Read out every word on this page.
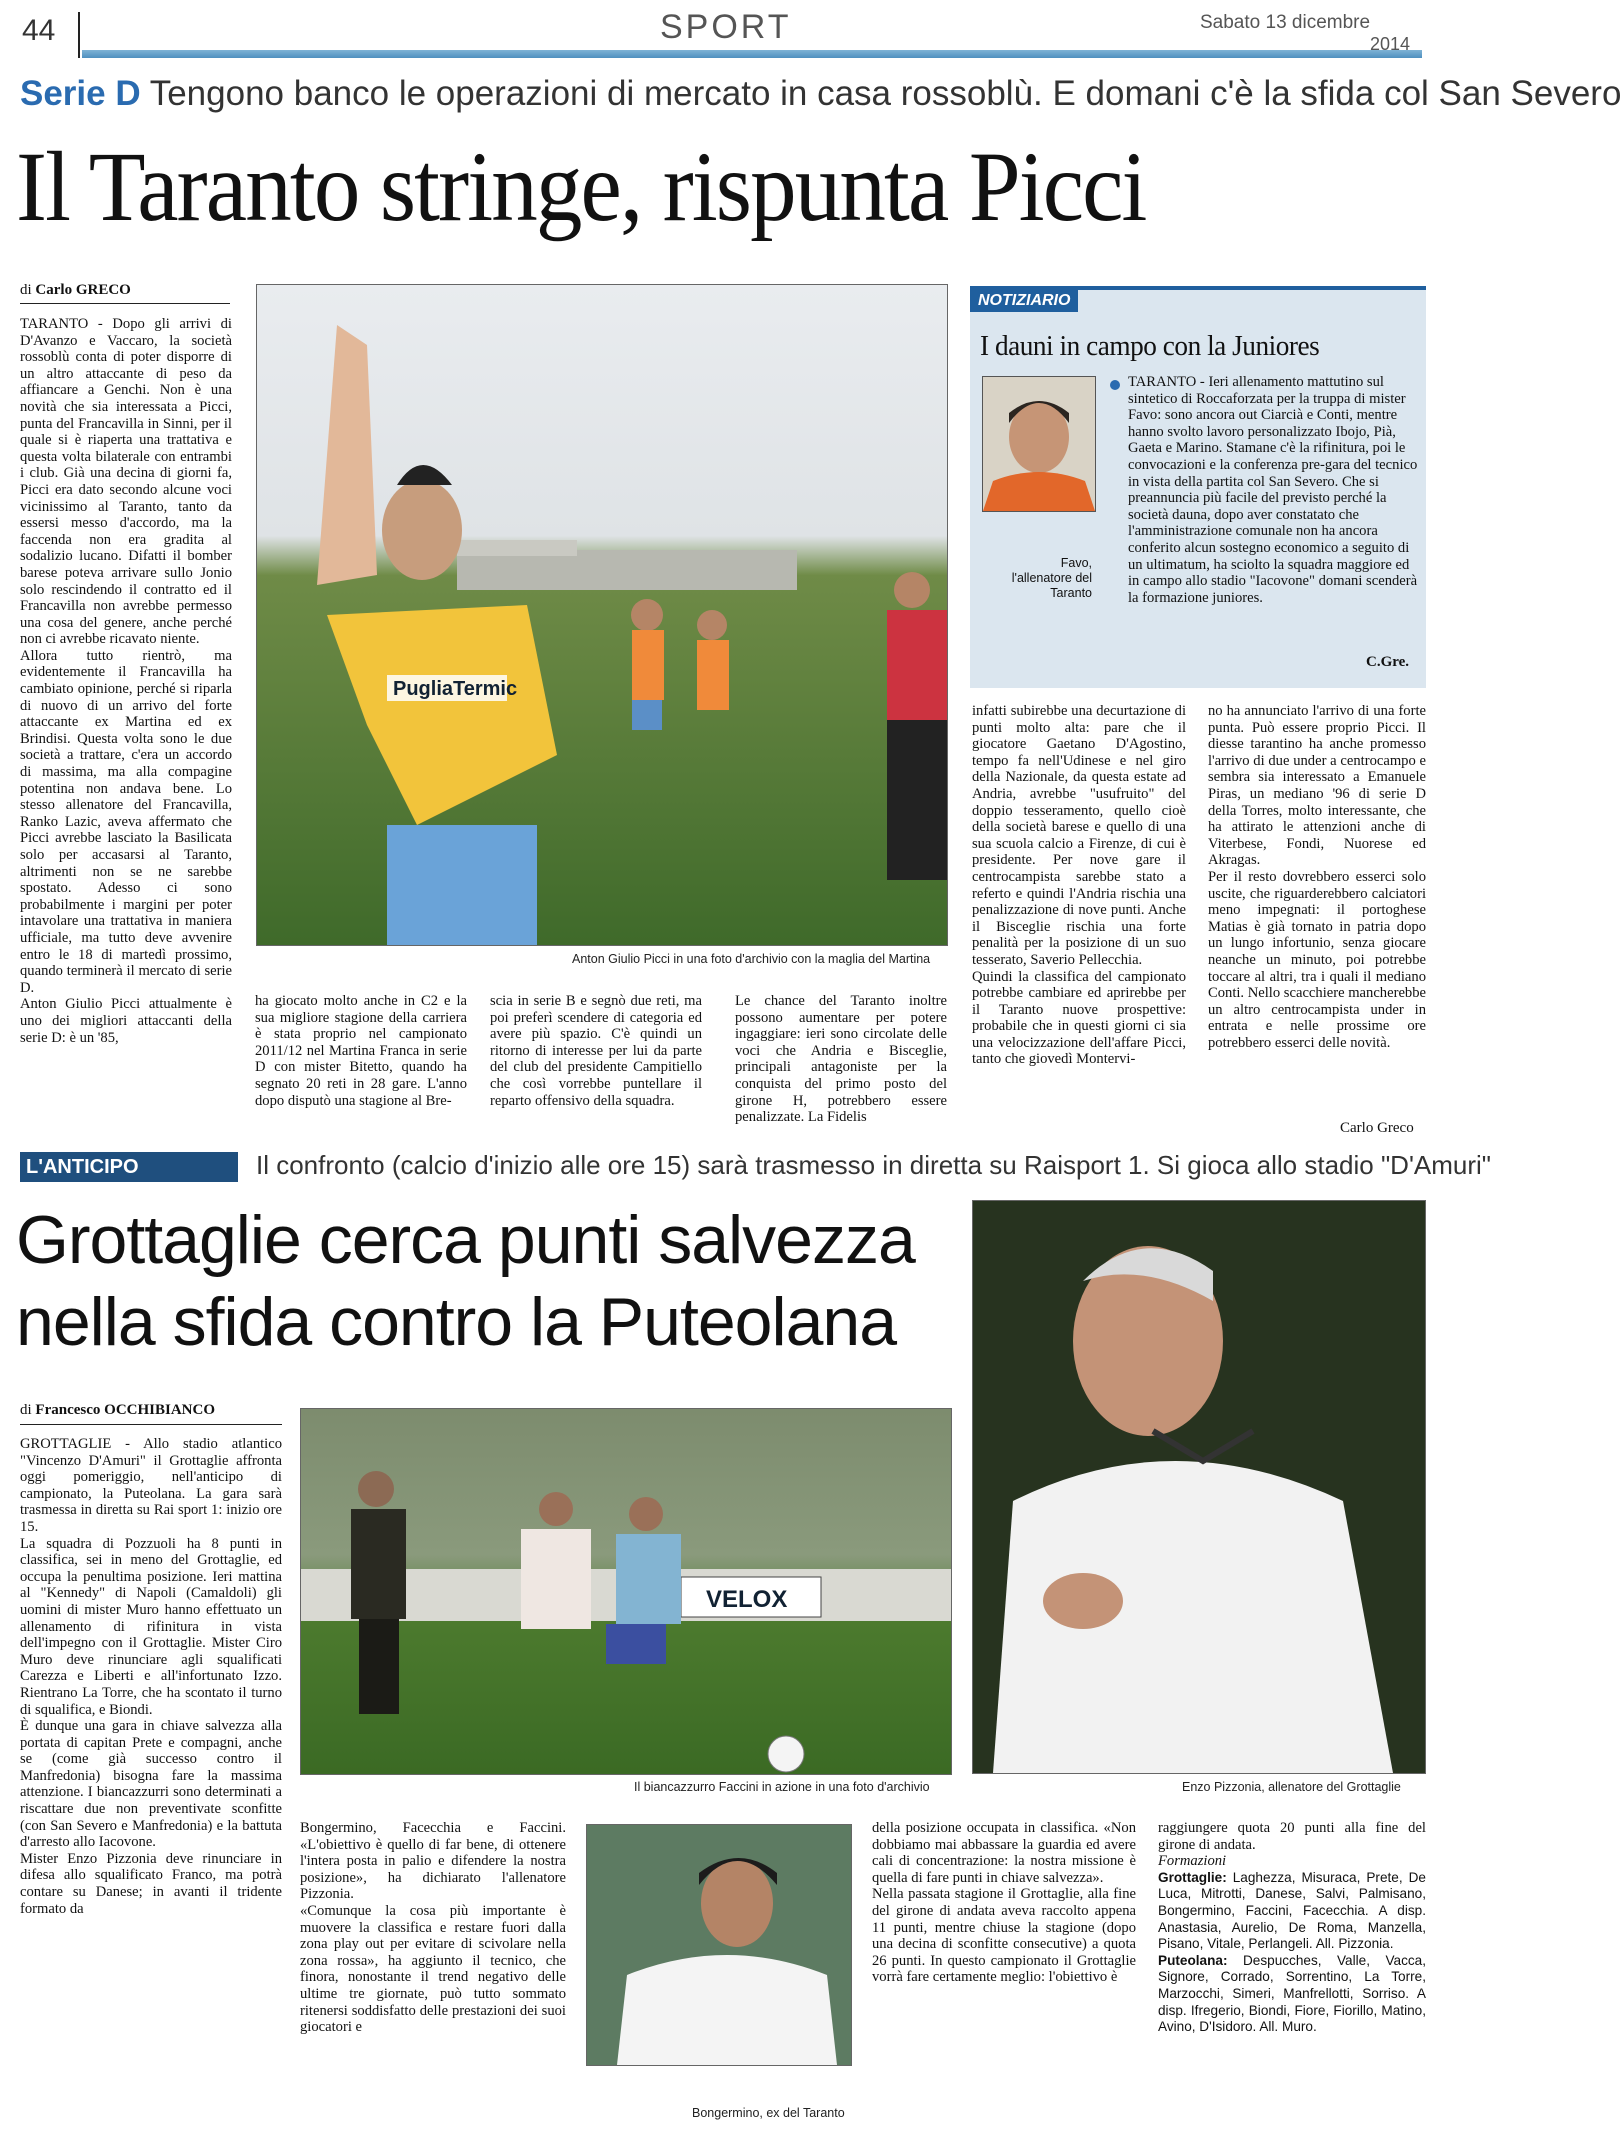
44	SPORT	Sabato 13 dicembre
2014
Serie D Tengono banco le operazioni di mercato in casa rossoblù. E domani c'è la sfida col San Severo
Il Taranto stringe, rispunta Picci
di Carlo GRECO
TARANTO - Dopo gli arrivi di D'Avanzo e Vaccaro, la società rossoblù conta di poter disporre di un altro attaccante di peso da affiancare a Genchi. Non è una novità che sia interessata a Picci, punta del Francavilla in Sinni, per il quale si è riaperta una trattativa e questa volta bilaterale con entrambi i club. Già una decina di giorni fa, Picci era dato secondo alcune voci vicinissimo al Taranto, tanto da essersi messo d'accordo, ma la faccenda non era gradita al sodalizio lucano. Difatti il bomber barese poteva arrivare sullo Jonio solo rescindendo il contratto ed il Francavilla non avrebbe permesso una cosa del genere, anche perché non ci avrebbe ricavato niente.
Allora tutto rientrò, ma evidentemente il Francavilla ha cambiato opinione, perché si riparla di nuovo di un arrivo del forte attaccante ex Martina ed ex Brindisi. Questa volta sono le due società a trattare, c'era un accordo di massima, ma alla compagine potentina non andava bene. Lo stesso allenatore del Francavilla, Ranko Lazic, aveva affermato che Picci avrebbe lasciato la Basilicata solo per accasarsi al Taranto, altrimenti non se ne sarebbe spostato. Adesso ci sono probabilmente i margini per poter intavolare una trattativa in maniera ufficiale, ma tutto deve avvenire entro le 18 di martedì prossimo, quando terminerà il mercato di serie D.
Anton Giulio Picci attualmente è uno dei migliori attaccanti della serie D: è un '85,
PugliaTermic
Anton Giulio Picci in una foto d'archivio con la maglia del Martina
ha giocato molto anche in C2 e la sua migliore stagione della carriera è stata proprio nel campionato 2011/12 nel Martina Franca in serie D con mister Bitetto, quando ha segnato 20 reti in 28 gare. L'anno dopo disputò una stagione al Bre-
scia in serie B e segnò due reti, ma poi preferì scendere di categoria ed avere più spazio. C'è quindi un ritorno di interesse per lui da parte del club del presidente Campitiello che così vorrebbe puntellare il reparto offensivo della squadra.
Le chance del Taranto inoltre possono aumentare per potere ingaggiare: ieri sono circolate delle voci che Andria e Bisceglie, principali antagoniste per la conquista del primo posto del girone H, potrebbero essere penalizzate. La Fidelis
infatti subirebbe una decurtazione di punti molto alta: pare che il giocatore Gaetano D'Agostino, tempo fa nell'Udinese e nel giro della Nazionale, da questa estate ad Andria, avrebbe "usufruito" del doppio tesseramento, quello cioè della società barese e quello di una sua scuola calcio a Firenze, di cui è presidente. Per nove gare il centrocampista sarebbe stato a referto e quindi l'Andria rischia una penalizzazione di nove punti. Anche il Bisceglie rischia una forte penalità per la posizione di un suo tesserato, Saverio Pellecchia.
Quindi la classifica del campionato potrebbe cambiare ed aprirebbe per il Taranto nuove prospettive: probabile che in questi giorni ci sia una velocizzazione dell'affare Picci, tanto che giovedì Montervi-
no ha annunciato l'arrivo di una forte punta. Può essere proprio Picci. Il diesse tarantino ha anche promesso l'arrivo di due under a centrocampo e sembra sia interessato a Emanuele Piras, un mediano '96 di serie D della Torres, molto interessante, che ha attirato le attenzioni anche di Viterbese, Fondi, Nuorese ed Akragas.
Per il resto dovrebbero esserci solo uscite, che riguarderebbero calciatori meno impegnati: il portoghese Matias è già tornato in patria dopo un lungo infortunio, senza giocare neanche un minuto, poi potrebbe toccare al altri, tra i quali il mediano Conti. Nello scacchiere mancherebbe un altro centrocampista under in entrata e nelle prossime ore potrebbero esserci delle novità.
Carlo Greco
NOTIZIARIO
I dauni in campo con la Juniores
Favo, l'allenatore del Taranto
TARANTO - Ieri allenamento mattutino sul sintetico di Roccaforzata per la truppa di mister Favo: sono ancora out Ciarcià e Conti, mentre hanno svolto lavoro personalizzato Ibojo, Pià, Gaeta e Marino. Stamane c'è la rifinitura, poi le convocazioni e la conferenza pre-gara del tecnico in vista della partita col San Severo. Che si preannuncia più facile del previsto perché la società dauna, dopo aver constatato che l'amministrazione comunale non ha ancora conferito alcun sostegno economico a seguito di un ultimatum, ha sciolto la squadra maggiore ed in campo allo stadio "Iacovone" domani scenderà la formazione juniores.
C.Gre.
L'ANTICIPO	Il confronto (calcio d'inizio alle ore 15) sarà trasmesso in diretta su Raisport 1. Si gioca allo stadio "D'Amuri"
Grottaglie cerca punti salvezza
nella sfida contro la Puteolana
Enzo Pizzonia, allenatore del Grottaglie
di Francesco OCCHIBIANCO
GROTTAGLIE - Allo stadio atlantico "Vincenzo D'Amuri" il Grottaglie affronta oggi pomeriggio, nell'anticipo di campionato, la Puteolana. La gara sarà trasmessa in diretta su Rai sport 1: inizio ore 15.
La squadra di Pozzuoli ha 8 punti in classifica, sei in meno del Grottaglie, ed occupa la penultima posizione. Ieri mattina al "Kennedy" di Napoli (Camaldoli) gli uomini di mister Muro hanno effettuato un allenamento di rifinitura in vista dell'impegno con il Grottaglie. Mister Ciro Muro deve rinunciare agli squalificati Carezza e Liberti e all'infortunato Izzo. Rientrano La Torre, che ha scontato il turno di squalifica, e Biondi.
È dunque una gara in chiave salvezza alla portata di capitan Prete e compagni, anche se (come già successo contro il Manfredonia) bisogna fare la massima attenzione. I biancazzurri sono determinati a riscattare due non preventivate sconfitte (con San Severo e Manfredonia) e la battuta d'arresto allo Iacovone.
Mister Enzo Pizzonia deve rinunciare in difesa allo squalificato Franco, ma potrà contare su Danese; in avanti il tridente formato da
VELOX
Il biancazzurro Faccini in azione in una foto d'archivio
Bongermino, Facecchia e Faccini. «L'obiettivo è quello di far bene, di ottenere l'intera posta in palio e difendere la nostra posizione», ha dichiarato l'allenatore Pizzonia.
«Comunque la cosa più importante è muovere la classifica e restare fuori dalla zona play out per evitare di scivolare nella zona rossa», ha aggiunto il tecnico, che finora, nonostante il trend negativo delle ultime tre giornate, può tutto sommato ritenersi soddisfatto delle prestazioni dei suoi giocatori e
Bongermino, ex del Taranto
della posizione occupata in classifica. «Non dobbiamo mai abbassare la guardia ed avere cali di concentrazione: la nostra missione è quella di fare punti in chiave salvezza».
Nella passata stagione il Grottaglie, alla fine del girone di andata aveva raccolto appena 11 punti, mentre chiuse la stagione (dopo una decina di sconfitte consecutive) a quota 26 punti. In questo campionato il Grottaglie vorrà fare certamente meglio: l'obiettivo è
raggiungere quota 20 punti alla fine del girone di andata.
Formazioni
Grottaglie: Laghezza, Misuraca, Prete, De Luca, Mitrotti, Danese, Salvi, Palmisano, Bongermino, Faccini, Facecchia. A disp. Anastasia, Aurelio, De Roma, Manzella, Pisano, Vitale, Perlangeli. All. Pizzonia.
Puteolana: Despucches, Valle, Vacca, Signore, Corrado, Sorrentino, La Torre, Marzocchi, Simeri, Manfrellotti, Sorriso. A disp. Ifregerio, Biondi, Fiore, Fiorillo, Matino, Avino, D'Isidoro. All. Muro.
